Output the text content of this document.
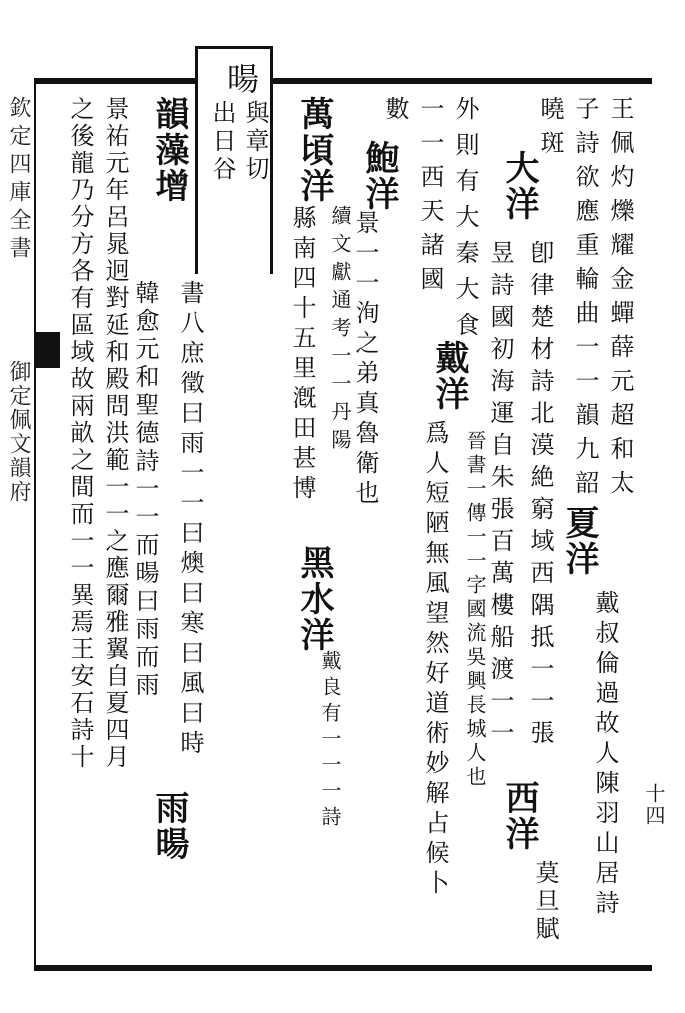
暘
與章切
出日谷
欽定四庫全書
御定佩文韻府
十四
王佩灼爍耀金蟬薛元超和太
子詩欲應重輪曲一一韻九韶
曉斑
夏洋
戴叔倫過故人陳羽山居詩
大洋
卽律楚材詩北漠絶窮域西隅抵一一張
昱詩國初海運自朱張百萬樓船渡一一
西洋
莫旦賦
外則有大秦大食
戴洋
晉書一傳一一字國流吳興長城人也
一一西天諸國
爲人短陋無風望然好道術妙解占候卜
數
鮑洋
景一一洵之弟真魯衛也
萬頃洋
續文獻通考一一丹陽
縣南四十五里漑田甚博
黑水洋
戴良有一一一詩
韻藻增
書八庶徵曰雨一一曰燠曰寒曰風曰時
韓愈元和聖德詩一一而暘曰雨而雨
雨暘
景祐元年呂晁迥對延和殿問洪範一一之應爾雅翼自夏四月
之後龍乃分方各有區域故兩畝之間而一一異焉王安石詩十
